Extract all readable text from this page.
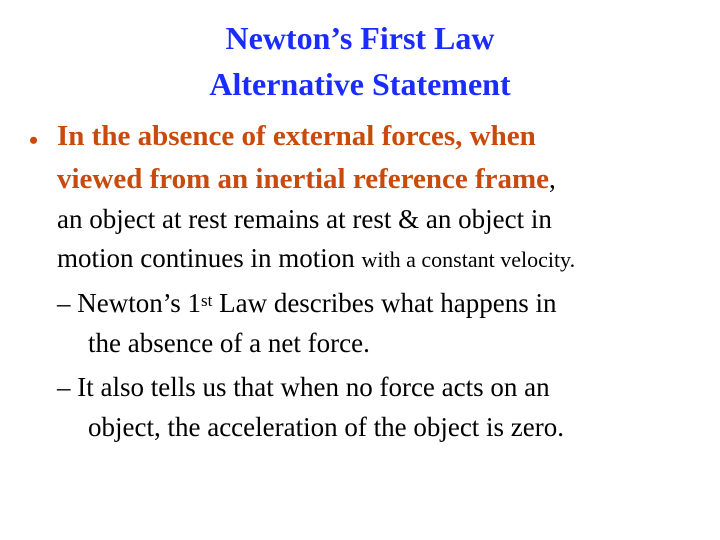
Newton’s First Law
Alternative Statement
• In the absence of external forces, when

viewed from an inertial reference frame,

an object at rest remains at rest & an object in

motion continues in motion with a constant velocity.

– Newton’s 1st Law describes what happens in

the absence of a net force.

– It also tells us that when no force acts on an

object, the acceleration of the object is zero.
